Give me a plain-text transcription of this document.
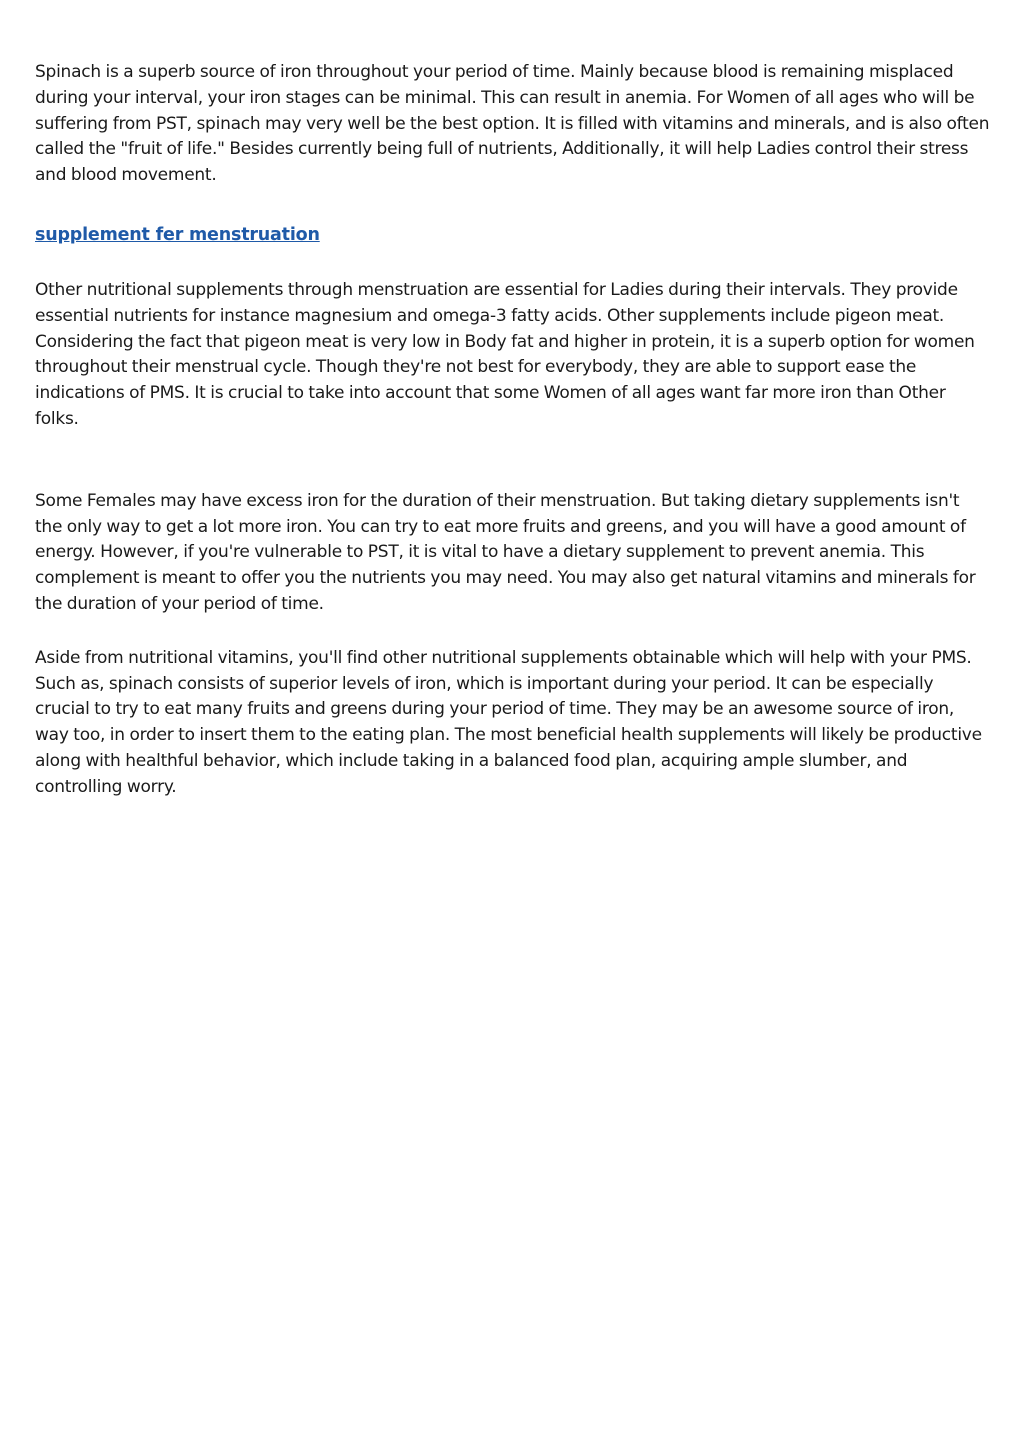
Spinach is a superb source of iron throughout your period of time. Mainly because blood is remaining misplaced during your interval, your iron stages can be minimal. This can result in anemia. For Women of all ages who will be suffering from PST, spinach may very well be the best option. It is filled with vitamins and minerals, and is also often called the "fruit of life." Besides currently being full of nutrients, Additionally, it will help Ladies control their stress and blood movement.

supplement fer menstruation

Other nutritional supplements through menstruation are essential for Ladies during their intervals. They provide essential nutrients for instance magnesium and omega-3 fatty acids. Other supplements include pigeon meat. Considering the fact that pigeon meat is very low in Body fat and higher in protein, it is a superb option for women throughout their menstrual cycle. Though they're not best for everybody, they are able to support ease the indications of PMS. It is crucial to take into account that some Women of all ages want far more iron than Other folks.

Some Females may have excess iron for the duration of their menstruation. But taking dietary supplements isn't the only way to get a lot more iron. You can try to eat more fruits and greens, and you will have a good amount of energy. However, if you're vulnerable to PST, it is vital to have a dietary supplement to prevent anemia. This complement is meant to offer you the nutrients you may need. You may also get natural vitamins and minerals for the duration of your period of time.

Aside from nutritional vitamins, you'll find other nutritional supplements obtainable which will help with your PMS. Such as, spinach consists of superior levels of iron, which is important during your period. It can be especially crucial to try to eat many fruits and greens during your period of time. They may be an awesome source of iron, way too, in order to insert them to the eating plan. The most beneficial health supplements will likely be productive along with healthful behavior, which include taking in a balanced food plan, acquiring ample slumber, and controlling worry.
